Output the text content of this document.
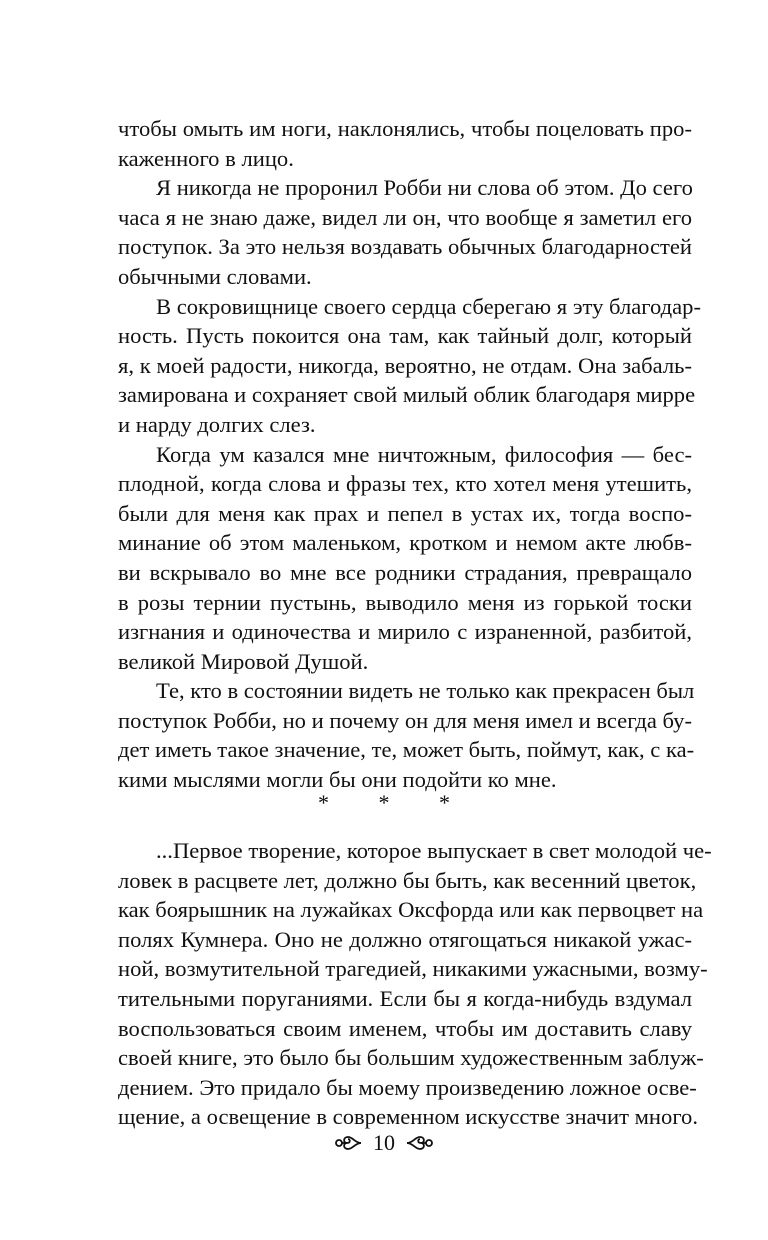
чтобы омыть им ноги, наклонялись, чтобы поцеловать про-
каженного в лицо.
Я никогда не проронил Робби ни слова об этом. До сего
часа я не знаю даже, видел ли он, что вообще я заметил его
поступок. За это нельзя воздавать обычных благодарностей
обычными словами.
В сокровищнице своего сердца сберегаю я эту благодар-
ность. Пусть покоится она там, как тайный долг, который
я, к моей радости, никогда, вероятно, не отдам. Она забаль-
замирована и сохраняет свой милый облик благодаря мирре
и нарду долгих слез.
Когда ум казался мне ничтожным, философия — бес-
плодной, когда слова и фразы тех, кто хотел меня утешить,
были для меня как прах и пепел в устах их, тогда воспо-
минание об этом маленьком, кротком и немом акте любв-
ви вскрывало во мне все родники страдания, превращало
в розы тернии пустынь, выводило меня из горькой тоски
изгнания и одиночества и мирило с израненной, разбитой,
великой Мировой Душой.
Те, кто в состоянии видеть не только как прекрасен был
поступок Робби, но и почему он для меня имел и всегда бу-
дет иметь такое значение, те, может быть, поймут, как, с ка-
кими мыслями могли бы они подойти ко мне.
* * *
...Первое творение, которое выпускает в свет молодой че-
ловек в расцвете лет, должно бы быть, как весенний цветок,
как боярышник на лужайках Оксфорда или как первоцвет на
полях Кумнера. Оно не должно отягощаться никакой ужас-
ной, возмутительной трагедией, никакими ужасными, возму-
тительными поруганиями. Если бы я когда-нибудь вздумал
воспользоваться своим именем, чтобы им доставить славу
своей книге, это было бы большим художественным заблуж-
дением. Это придало бы моему произведению ложное осве-
щение, а освещение в современном искусстве значит много.
10
